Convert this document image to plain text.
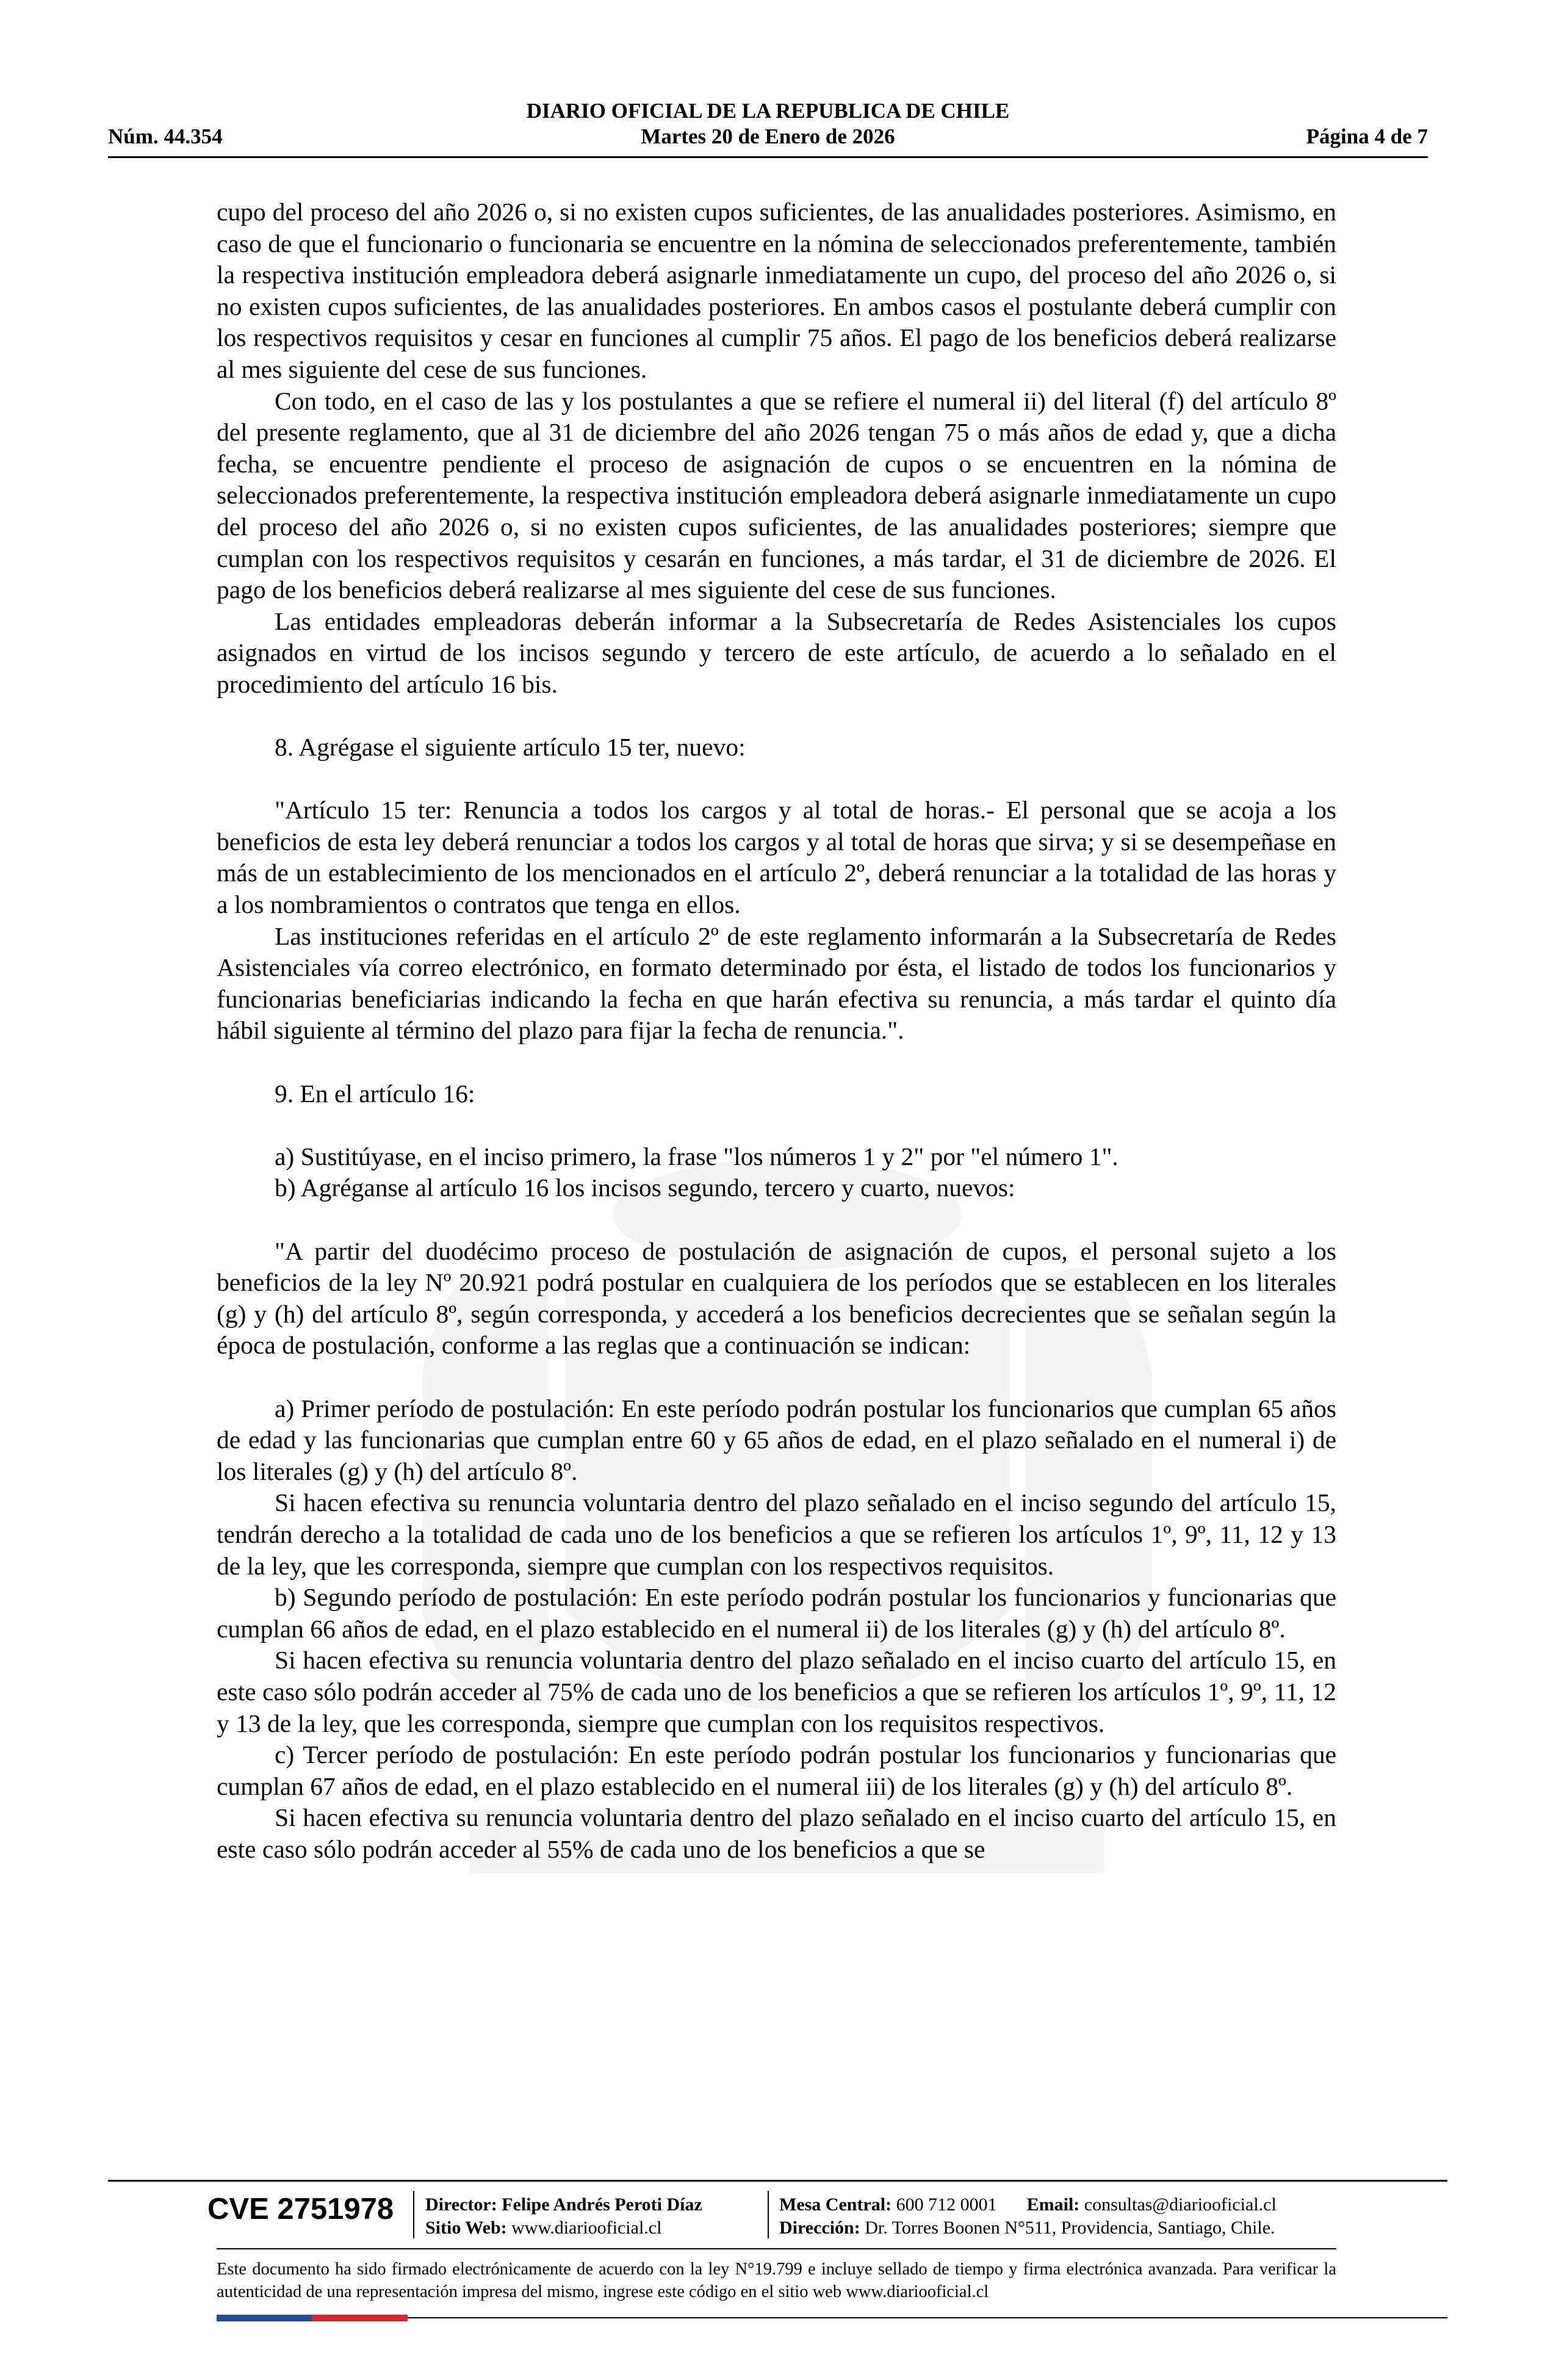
DIARIO OFICIAL DE LA REPUBLICA DE CHILE
Núm. 44.354	Martes 20 de Enero de 2026	Página 4 de 7

cupo del proceso del año 2026 o, si no existen cupos suficientes, de las anualidades posteriores. Asimismo, en caso de que el funcionario o funcionaria se encuentre en la nómina de seleccionados preferentemente, también la respectiva institución empleadora deberá asignarle inmediatamente un cupo, del proceso del año 2026 o, si no existen cupos suficientes, de las anualidades posteriores. En ambos casos el postulante deberá cumplir con los respectivos requisitos y cesar en funciones al cumplir 75 años. El pago de los beneficios deberá realizarse al mes siguiente del cese de sus funciones.

Con todo, en el caso de las y los postulantes a que se refiere el numeral ii) del literal (f) del artículo 8º del presente reglamento, que al 31 de diciembre del año 2026 tengan 75 o más años de edad y, que a dicha fecha, se encuentre pendiente el proceso de asignación de cupos o se encuentren en la nómina de seleccionados preferentemente, la respectiva institución empleadora deberá asignarle inmediatamente un cupo del proceso del año 2026 o, si no existen cupos suficientes, de las anualidades posteriores; siempre que cumplan con los respectivos requisitos y cesarán en funciones, a más tardar, el 31 de diciembre de 2026. El pago de los beneficios deberá realizarse al mes siguiente del cese de sus funciones.

Las entidades empleadoras deberán informar a la Subsecretaría de Redes Asistenciales los cupos asignados en virtud de los incisos segundo y tercero de este artículo, de acuerdo a lo señalado en el procedimiento del artículo 16 bis.

8. Agrégase el siguiente artículo 15 ter, nuevo:

"Artículo 15 ter: Renuncia a todos los cargos y al total de horas.- El personal que se acoja a los beneficios de esta ley deberá renunciar a todos los cargos y al total de horas que sirva; y si se desempeñase en más de un establecimiento de los mencionados en el artículo 2º, deberá renunciar a la totalidad de las horas y a los nombramientos o contratos que tenga en ellos.

Las instituciones referidas en el artículo 2º de este reglamento informarán a la Subsecretaría de Redes Asistenciales vía correo electrónico, en formato determinado por ésta, el listado de todos los funcionarios y funcionarias beneficiarias indicando la fecha en que harán efectiva su renuncia, a más tardar el quinto día hábil siguiente al término del plazo para fijar la fecha de renuncia.".

9. En el artículo 16:

a) Sustitúyase, en el inciso primero, la frase "los números 1 y 2" por "el número 1".

b) Agréganse al artículo 16 los incisos segundo, tercero y cuarto, nuevos:

"A partir del duodécimo proceso de postulación de asignación de cupos, el personal sujeto a los beneficios de la ley Nº 20.921 podrá postular en cualquiera de los períodos que se establecen en los literales (g) y (h) del artículo 8º, según corresponda, y accederá a los beneficios decrecientes que se señalan según la época de postulación, conforme a las reglas que a continuación se indican:

a) Primer período de postulación: En este período podrán postular los funcionarios que cumplan 65 años de edad y las funcionarias que cumplan entre 60 y 65 años de edad, en el plazo señalado en el numeral i) de los literales (g) y (h) del artículo 8º.

Si hacen efectiva su renuncia voluntaria dentro del plazo señalado en el inciso segundo del artículo 15, tendrán derecho a la totalidad de cada uno de los beneficios a que se refieren los artículos 1º, 9º, 11, 12 y 13 de la ley, que les corresponda, siempre que cumplan con los respectivos requisitos.

b) Segundo período de postulación: En este período podrán postular los funcionarios y funcionarias que cumplan 66 años de edad, en el plazo establecido en el numeral ii) de los literales (g) y (h) del artículo 8º.

Si hacen efectiva su renuncia voluntaria dentro del plazo señalado en el inciso cuarto del artículo 15, en este caso sólo podrán acceder al 75% de cada uno de los beneficios a que se refieren los artículos 1º, 9º, 11, 12 y 13 de la ley, que les corresponda, siempre que cumplan con los requisitos respectivos.

c) Tercer período de postulación: En este período podrán postular los funcionarios y funcionarias que cumplan 67 años de edad, en el plazo establecido en el numeral iii) de los literales (g) y (h) del artículo 8º.

Si hacen efectiva su renuncia voluntaria dentro del plazo señalado en el inciso cuarto del artículo 15, en este caso sólo podrán acceder al 55% de cada uno de los beneficios a que se

CVE 2751978 Director: Felipe Andrés Peroti Díaz
Sitio Web: www.diariooficial.cl
Mesa Central: 600 712 0001 Email: consultas@diariooficial.cl
Dirección: Dr. Torres Boonen N°511, Providencia, Santiago, Chile.
Este documento ha sido firmado electrónicamente de acuerdo con la ley N°19.799 e incluye sellado de tiempo y firma electrónica avanzada. Para verificar la autenticidad de una representación impresa del mismo, ingrese este código en el sitio web www.diariooficial.cl
